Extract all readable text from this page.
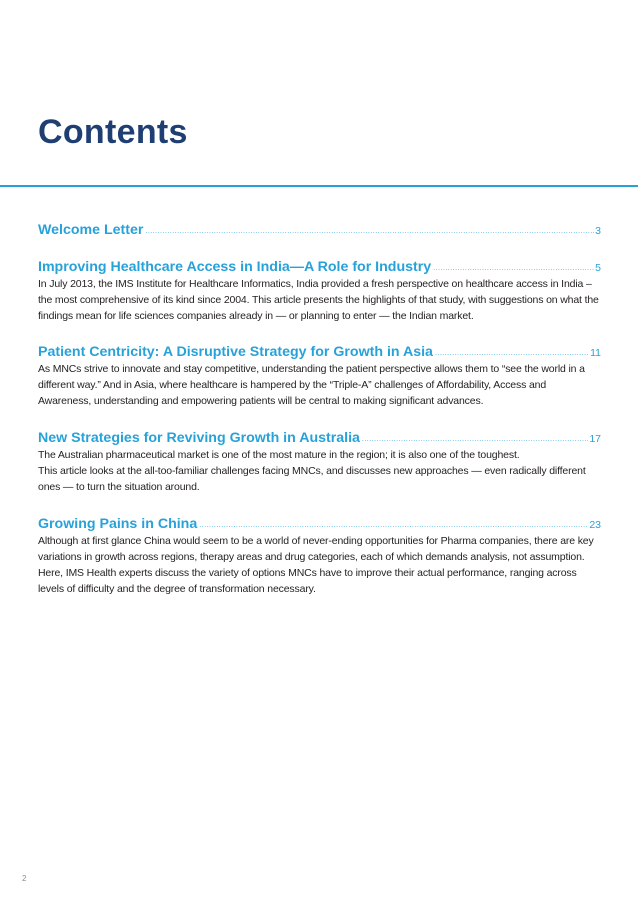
Contents
Welcome Letter .....	3
Improving Healthcare Access in India—A Role for Industry .....	5

In July 2013, the IMS Institute for Healthcare Informatics, India provided a fresh perspective on healthcare access in India – the most comprehensive of its kind since 2004. This article presents the highlights of that study, with suggestions on what the findings mean for life sciences companies already in — or planning to enter — the Indian market.

Patient Centricity: A Disruptive Strategy for Growth in Asia .....	11

As MNCs strive to innovate and stay competitive, understanding the patient perspective allows them to “see the world in a different way.” And in Asia, where healthcare is hampered by the “Triple-A” challenges of Affordability, Access and Awareness, understanding and empowering patients will be central to making significant advances.

New Strategies for Reviving Growth in Australia .....	17

The Australian pharmaceutical market is one of the most mature in the region; it is also one of the toughest.

This article looks at the all-too-familiar challenges facing MNCs, and discusses new approaches — even radically different ones — to turn the situation around.

Growing Pains in China .....	23

Although at first glance China would seem to be a world of never-ending opportunities for Pharma companies, there are key variations in growth across regions, therapy areas and drug categories, each of which demands analysis, not assumption. Here, IMS Health experts discuss the variety of options MNCs have to improve their actual performance, ranging across levels of difficulty and the degree of transformation necessary.

2
